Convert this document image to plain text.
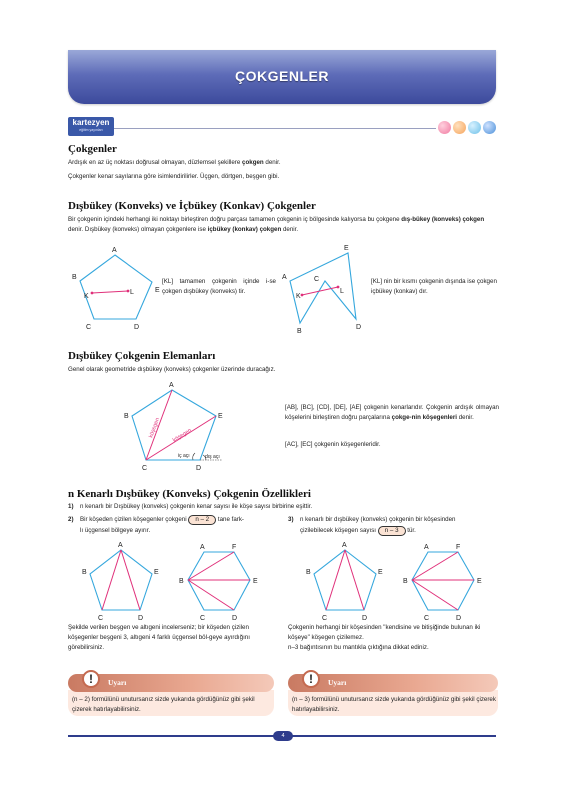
ÇOKGENLER
kartezyen
eğitim yayınları
Çokgenler
Ardışık en az üç noktası doğrusal olmayan, düzlemsel şekillere çokgen denir.
Çokgenler kenar sayılarına göre isimlendirilirler. Üçgen, dörtgen, beşgen gibi.
Dışbükey (Konveks) ve İçbükey (Konkav) Çokgenler
Bir çokgenin içindeki herhangi iki noktayı birleştiren doğru parçası tamamen çokgenin iç bölgesinde kalıyorsa bu çokgene dış-bükey (konveks) çokgen denir. Dışbükey (konveks) olmayan çokgenlere ise içbükey (konkav) çokgen denir.
A
B
E
C	D
K
L
[KL] tamamen çokgenin içinde i-se çokgen dışbükey (konveks) tir.
E
A	C
L
K
B
D
[KL] nin bir kısmı çokgenin dışında ise çokgen içbükey (konkav) dır.
Dışbükey Çokgenin Elemanları
Genel olarak geometride dışbükey (konveks) çokgenler üzerinde duracağız.
A
B	E
C	D
köşegen köşegen
iç açı	dış açı
[AB], [BC], [CD], [DE], [AE] çokgenin kenarlarıdır. Çokgenin ardışık olmayan köşelerini birleştiren doğru parçalarına çokge-nin köşegenleri denir.
[AC], [EC] çokgenin köşegenleridir.
n Kenarlı Dışbükey (Konveks) Çokgenin Özellikleri
1) n kenarlı bir Dışbükey (konveks) çokgenin kenar sayısı ile köşe sayısı birbirine eşittir.
2) Bir köşeden çizilen köşegenler çokgeni n – 2 tane fark-
lı üçgensel bölgeye ayırır.
3) n kenarlı bir dışbükey (konveks) çokgenin bir köşesinden
çizilebilecek köşegen sayısı n – 3 tür.
A
B	E
C	D
A	F
B	E
C	D
A
B	E
C	D
A	F
B	E
C	D
Şekilde verilen beşgen ve altıgeni incelerseniz; bir köşeden çizilen köşegenler beşgeni 3, altıgeni 4 farklı üçgensel böl-geye ayırdığını görebilirsiniz.
Çokgenin herhangi bir köşesinden "kendisine ve bitişiğinde bulunan iki köşeye" köşegen çizilemez.
n–3 bağıntısının bu mantıkla çıktığına dikkat ediniz.
Uyarı
!
(n – 2) formülünü unutursanız sizde yukarıda gördüğünüz gibi şekil çizerek hatırlayabilirsiniz.
Uyarı
!
(n – 3) formülünü unutursanız sizde yukarıda gördüğünüz gibi şekil çizerek hatırlayabilirsiniz.
4
